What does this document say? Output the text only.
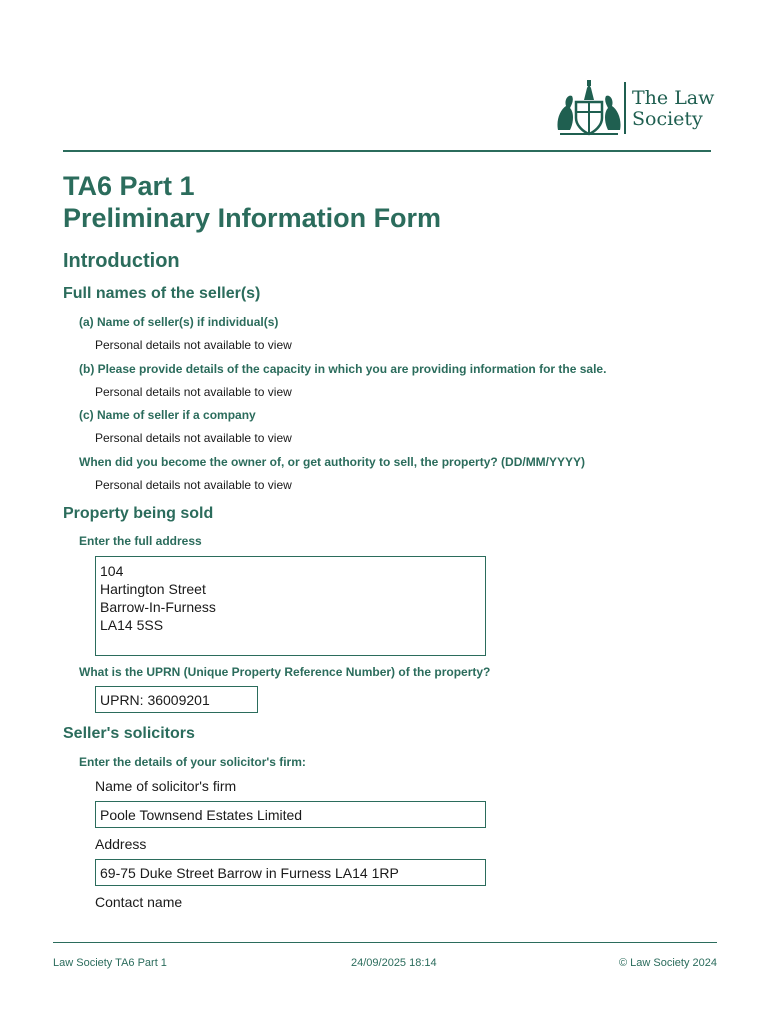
The Law
Society
TA6 Part 1
Preliminary Information Form
Introduction
Full names of the seller(s)

(a) Name of seller(s) if individual(s)

Personal details not available to view

(b) Please provide details of the capacity in which you are providing information for the sale.

Personal details not available to view

(c) Name of seller if a company

Personal details not available to view

When did you become the owner of, or get authority to sell, the property? (DD/MM/YYYY)

Personal details not available to view

Property being sold

Enter the full address

104
Hartington Street
Barrow-In-Furness
LA14 5SS

What is the UPRN (Unique Property Reference Number) of the property?

UPRN: 36009201
Seller's solicitors

Enter the details of your solicitor's firm:

Name of solicitor's firm

Poole Townsend Estates Limited

Address

69-75 Duke Street Barrow in Furness LA14 1RP

Contact name

Law Society TA6 Part 1	24/09/2025 18:14	© Law Society 2024
